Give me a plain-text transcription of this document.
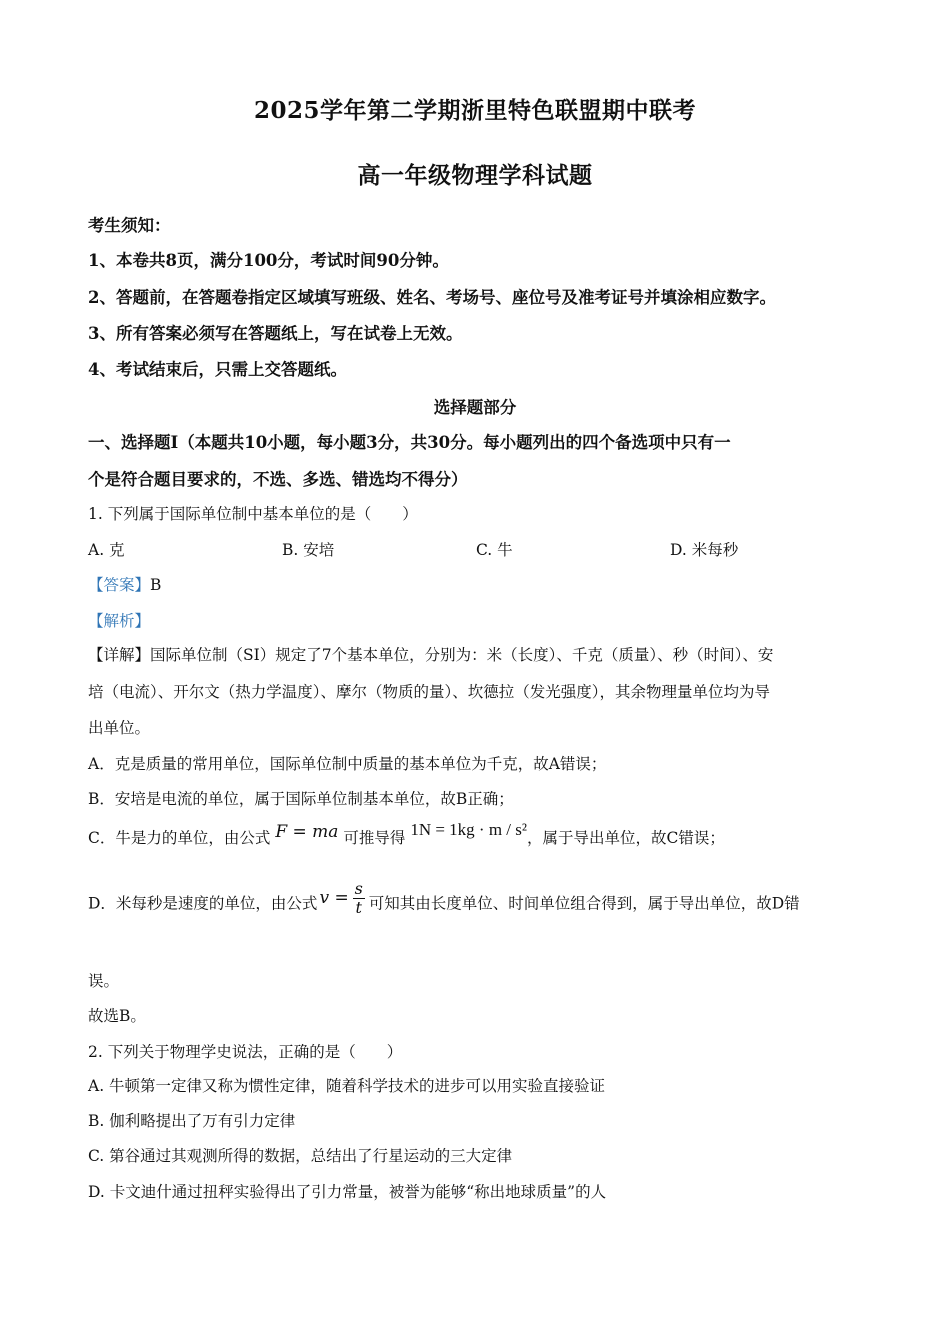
2025学年第二学期浙里特色联盟期中联考
高一年级物理学科试题
考生须知：
1、本卷共8页，满分100分，考试时间90分钟。
2、答题前，在答题卷指定区域填写班级、姓名、考场号、座位号及准考证号并填涂相应数字。
3、所有答案必须写在答题纸上，写在试卷上无效。
4、考试结束后，只需上交答题纸。
选择题部分
一、选择题Ⅰ（本题共10小题，每小题3分，共30分。每小题列出的四个备选项中只有一
个是符合题目要求的，不选、多选、错选均不得分）
1. 下列属于国际单位制中基本单位的是（　　）
A. 克	B. 安培	C. 牛	D. 米每秒
【答案】B
【解析】
【详解】国际单位制（SI）规定了7个基本单位，分别为：米（长度）、千克（质量）、秒（时间）、安
培（电流）、开尔文（热力学温度）、摩尔（物质的量）、坎德拉（发光强度），其余物理量单位均为导
出单位。
A．克是质量的常用单位，国际单位制中质量的基本单位为千克，故A错误；
B．安培是电流的单位，属于国际单位制基本单位，故B正确；
C．牛是力的单位，由公式 F = ma 可推导得 1N = 1kg · m / s²，属于导出单位，故C错误；
D．米每秒是速度的单位，由公式 $v = \frac{s}{t}$ 可知其由长度单位、时间单位组合得到，属于导出单位，故D错
误。
故选B。
2. 下列关于物理学史说法，正确的是（　　）
A. 牛顿第一定律又称为惯性定律，随着科学技术的进步可以用实验直接验证
B. 伽利略提出了万有引力定律
C. 第谷通过其观测所得的数据，总结出了行星运动的三大定律
D. 卡文迪什通过扭秤实验得出了引力常量，被誉为能够“称出地球质量”的人
